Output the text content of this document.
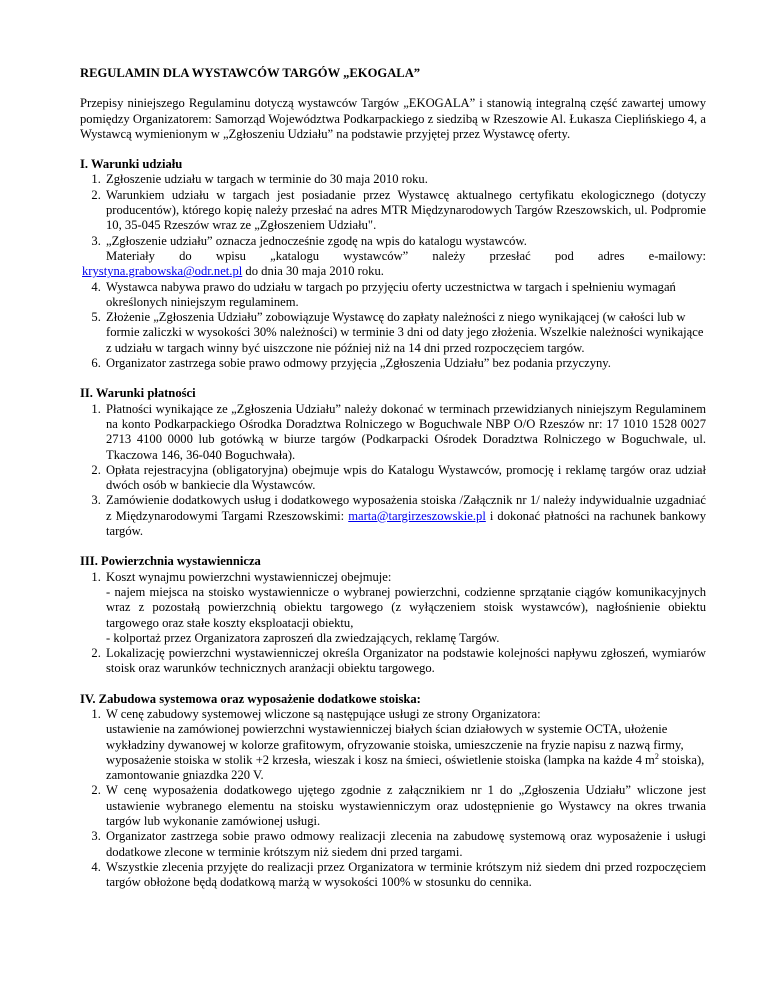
REGULAMIN DLA WYSTAWCÓW TARGÓW „EKOGALA”

Przepisy niniejszego Regulaminu dotyczą wystawców Targów „EKOGALA” i stanowią integralną część zawartej umowy pomiędzy Organizatorem: Samorząd Województwa Podkarpackiego z siedzibą w Rzeszowie Al. Łukasza Cieplińskiego 4, a Wystawcą wymienionym w „Zgłoszeniu Udziału” na podstawie przyjętej przez Wystawcę oferty.

I. Warunki udziału

1. Zgłoszenie udziału w targach w terminie do 30 maja 2010 roku.
2. Warunkiem udziału w targach jest posiadanie przez Wystawcę aktualnego certyfikatu ekologicznego (dotyczy producentów), którego kopię należy przesłać na adres MTR Międzynarodowych Targów Rzeszowskich, ul. Podpromie 10, 35-045 Rzeszów wraz ze „Zgłoszeniem Udziału".
3. „Zgłoszenie udziału” oznacza jednocześnie zgodę na wpis do katalogu wystawców.
Materiały do wpisu „katalogu wystawców” należy przesłać pod adres e-mailowy:
krystyna.grabowska@odr.net.pl do dnia 30 maja 2010 roku.
4. Wystawca nabywa prawo do udziału w targach po przyjęciu oferty uczestnictwa w targach i spełnieniu wymagań określonych niniejszym regulaminem.
5. Złożenie „Zgłoszenia Udziału” zobowiązuje Wystawcę do zapłaty należności z niego wynikającej (w całości lub w formie zaliczki w wysokości 30% należności) w terminie 3 dni od daty jego złożenia. Wszelkie należności wynikające z udziału w targach winny być uiszczone nie później niż na 14 dni przed rozpoczęciem targów.
6. Organizator zastrzega sobie prawo odmowy przyjęcia „Zgłoszenia Udziału” bez podania przyczyny.

II. Warunki płatności

1. Płatności wynikające ze „Zgłoszenia Udziału” należy dokonać w terminach przewidzianych niniejszym Regulaminem na konto Podkarpackiego Ośrodka Doradztwa Rolniczego w Boguchwale NBP O/O Rzeszów nr: 17 1010 1528 0027 2713 4100 0000 lub gotówką w biurze targów (Podkarpacki Ośrodek Doradztwa Rolniczego w Boguchwale, ul. Tkaczowa 146, 36-040 Boguchwała).
2. Opłata rejestracyjna (obligatoryjna) obejmuje wpis do Katalogu Wystawców, promocję i reklamę targów oraz udział dwóch osób w bankiecie dla Wystawców.
3. Zamówienie dodatkowych usług i dodatkowego wyposażenia stoiska /Załącznik nr 1/ należy indywidualnie uzgadniać z Międzynarodowymi Targami Rzeszowskimi: marta@targirzeszowskie.pl i dokonać płatności na rachunek bankowy targów.

III. Powierzchnia wystawiennicza

1. Koszt wynajmu powierzchni wystawienniczej obejmuje:
- najem miejsca na stoisko wystawiennicze o wybranej powierzchni, codzienne sprzątanie ciągów komunikacyjnych wraz z pozostałą powierzchnią obiektu targowego (z wyłączeniem stoisk wystawców), nagłośnienie obiektu targowego oraz stałe koszty eksploatacji obiektu,
- kolportaż przez Organizatora zaproszeń dla zwiedzających, reklamę Targów.
2. Lokalizację powierzchni wystawienniczej określa Organizator na podstawie kolejności napływu zgłoszeń, wymiarów stoisk oraz warunków technicznych aranżacji obiektu targowego.

IV. Zabudowa systemowa oraz wyposażenie dodatkowe stoiska:

1. W cenę zabudowy systemowej wliczone są następujące usługi ze strony Organizatora:
ustawienie na zamówionej powierzchni wystawienniczej białych ścian działowych w systemie OCTA, ułożenie wykładziny dywanowej w kolorze grafitowym, ofryzowanie stoiska, umieszczenie na fryzie napisu z nazwą firmy, wyposażenie stoiska w stolik +2 krzesła, wieszak i kosz na śmieci, oświetlenie stoiska (lampka na każde 4 $m^2$ stoiska), zamontowanie gniazdka 220 V.
2. W cenę wyposażenia dodatkowego ujętego zgodnie z załącznikiem nr 1 do „Zgłoszenia Udziału” wliczone jest ustawienie wybranego elementu na stoisku wystawienniczym oraz udostępnienie go Wystawcy na okres trwania targów lub wykonanie zamówionej usługi.
3. Organizator zastrzega sobie prawo odmowy realizacji zlecenia na zabudowę systemową oraz wyposażenie i usługi dodatkowe zlecone w terminie krótszym niż siedem dni przed targami.
4. Wszystkie zlecenia przyjęte do realizacji przez Organizatora w terminie krótszym niż siedem dni przed rozpoczęciem targów obłożone będą dodatkową marżą w wysokości 100% w stosunku do cennika.
